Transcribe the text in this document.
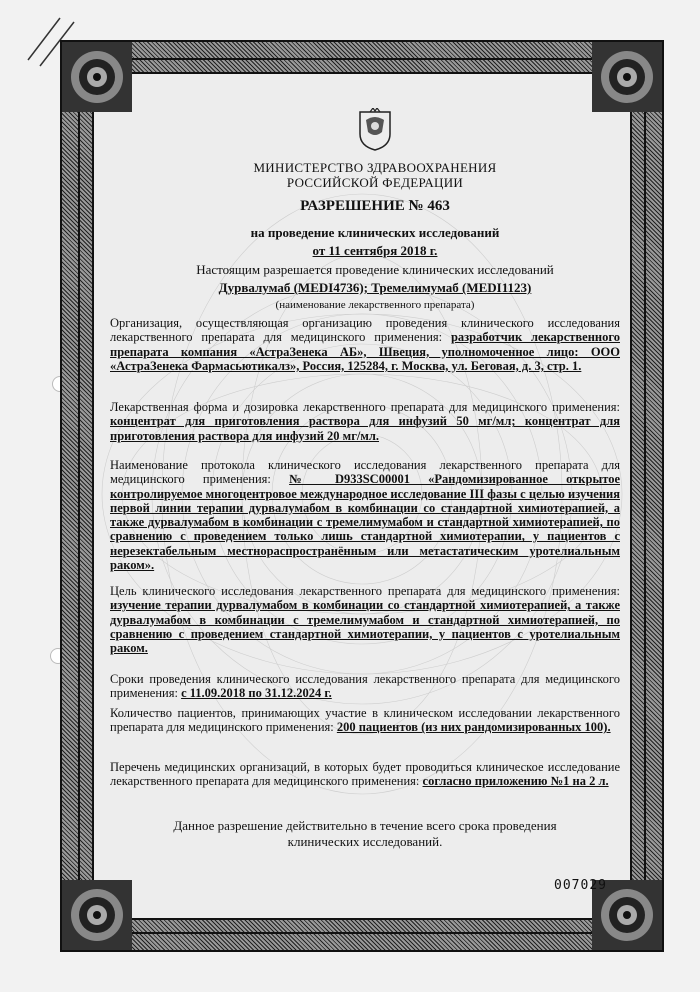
МИНИСТЕРСТВО ЗДРАВООХРАНЕНИЯ
РОССИЙСКОЙ ФЕДЕРАЦИИ
РАЗРЕШЕНИЕ № 463
на проведение клинических исследований
от 11 сентября 2018 г.
Настоящим разрешается проведение клинических исследований
Дурвалумаб (MEDI4736); Тремелимумаб (MEDI1123)
(наименование лекарственного препарата)
Организация, осуществляющая организацию проведения клинического исследования лекарственного препарата для медицинского применения: разработчик лекарственного препарата компания «АстраЗенека АБ», Швеция, уполномоченное лицо: ООО «АстраЗенека Фармасьютикалз», Россия, 125284, г. Москва, ул. Беговая, д. 3, стр. 1.
Лекарственная форма и дозировка лекарственного препарата для медицинского применения: концентрат для приготовления раствора для инфузий 50 мг/мл; концентрат для приготовления раствора для инфузий 20 мг/мл.
Наименование протокола клинического исследования лекарственного препарата для медицинского применения: № D933SC00001 «Рандомизированное открытое контролируемое многоцентровое международное исследование III фазы с целью изучения первой линии терапии дурвалумабом в комбинации со стандартной химиотерапией, а также дурвалумабом в комбинации с тремелимумабом и стандартной химиотерапией, по сравнению с проведением только лишь стандартной химиотерапии, у пациентов с нерезектабельным местнораспространённым или метастатическим уротелиальным раком».
Цель клинического исследования лекарственного препарата для медицинского применения: изучение терапии дурвалумабом в комбинации со стандартной химиотерапией, а также дурвалумабом в комбинации с тремелимумабом и стандартной химиотерапией, по сравнению с проведением стандартной химиотерапии, у пациентов с уротелиальным раком.
Сроки проведения клинического исследования лекарственного препарата для медицинского применения: с 11.09.2018 по 31.12.2024 г.
Количество пациентов, принимающих участие в клиническом исследовании лекарственного препарата для медицинского применения: 200 пациентов (из них рандомизированных 100).
Перечень медицинских организаций, в которых будет проводиться клиническое исследование лекарственного препарата для медицинского применения: согласно приложению №1 на 2 л.
Данное разрешение действительно в течение всего срока проведения
клинических исследований.
007029
